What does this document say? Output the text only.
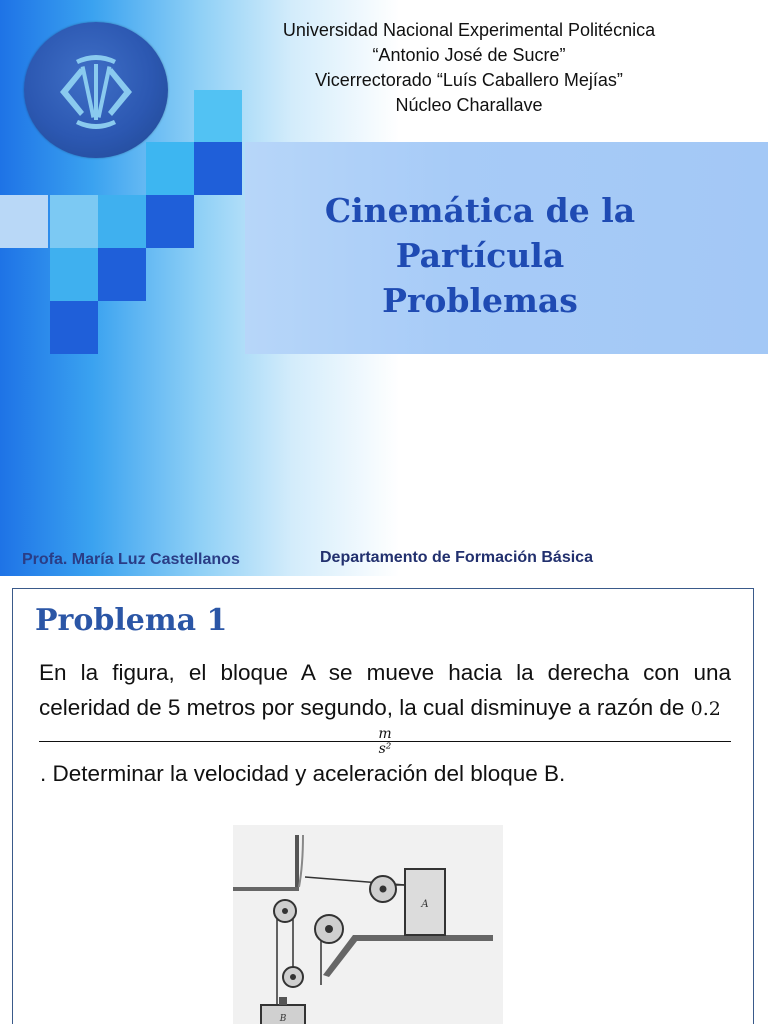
Universidad Nacional Experimental Politécnica
“Antonio José de Sucre”
Vicerrectorado “Luís Caballero Mejías”
Núcleo Charallave
Cinemática de la
Partícula
Problemas
Profa. María Luz Castellanos	Departamento de Formación Básica
Problema 1
En la figura, el bloque A se mueve hacia la derecha con una celeridad de 5 metros por segundo, la cual disminuye a razón de 0.2
m
s²
. Determinar la velocidad y aceleración del bloque B.
A
B
